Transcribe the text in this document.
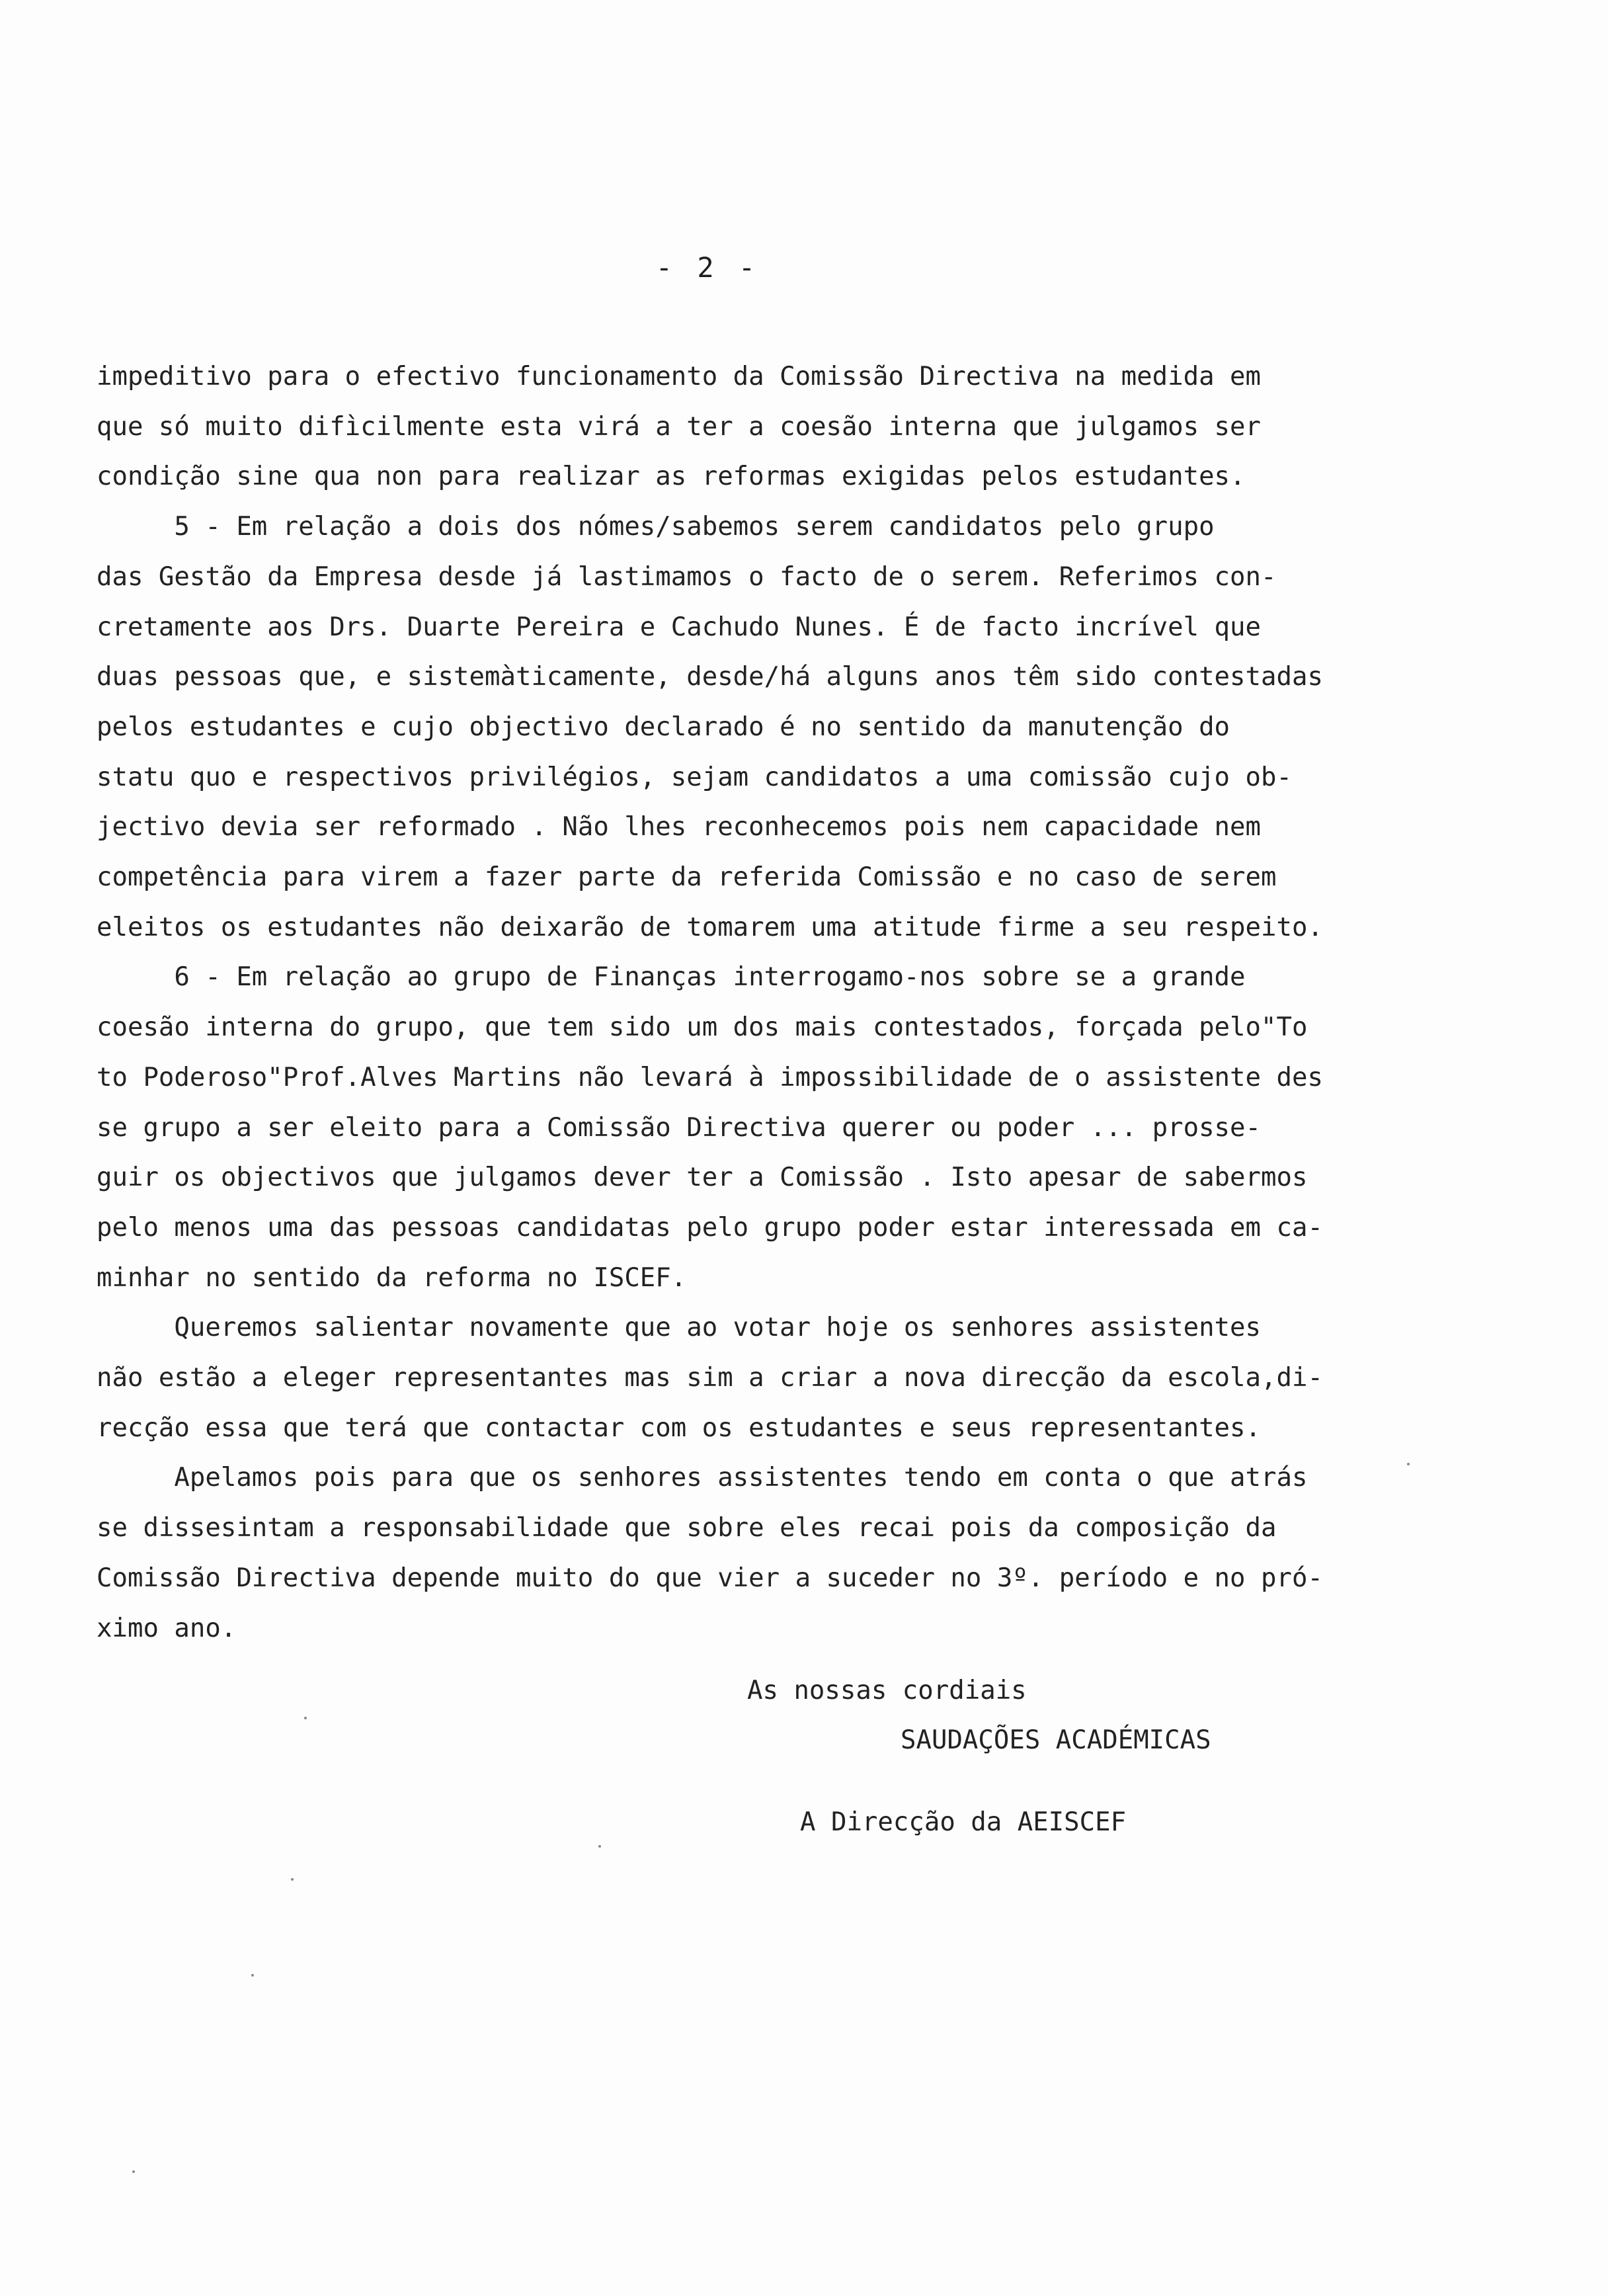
- 2 -
impeditivo para o efectivo funcionamento da Comissão Directiva na medida em
que só muito difìcilmente esta virá a ter a coesão interna que julgamos ser
condição sine qua non para realizar as reformas exigidas pelos estudantes.
5 - Em relação a dois dos nómes/sabemos serem candidatos pelo grupo
das Gestão da Empresa desde já lastimamos o facto de o serem. Referimos con-
cretamente aos Drs. Duarte Pereira e Cachudo Nunes. É de facto incrível que
duas pessoas que, e sistemàticamente, desde/há alguns anos têm sido contestadas
pelos estudantes e cujo objectivo declarado é no sentido da manutenção do
statu quo e respectivos privilégios, sejam candidatos a uma comissão cujo ob-
jectivo devia ser reformado . Não lhes reconhecemos pois nem capacidade nem
competência para virem a fazer parte da referida Comissão e no caso de serem
eleitos os estudantes não deixarão de tomarem uma atitude firme a seu respeito.
6 - Em relação ao grupo de Finanças interrogamo-nos sobre se a grande
coesão interna do grupo, que tem sido um dos mais contestados, forçada pelo"To
to Poderoso"Prof.Alves Martins não levará à impossibilidade de o assistente des
se grupo a ser eleito para a Comissão Directiva querer ou poder ... prosse-
guir os objectivos que julgamos dever ter a Comissão . Isto apesar de sabermos
pelo menos uma das pessoas candidatas pelo grupo poder estar interessada em ca-
minhar no sentido da reforma no ISCEF.
Queremos salientar novamente que ao votar hoje os senhores assistentes
não estão a eleger representantes mas sim a criar a nova direcção da escola,di-
recção essa que terá que contactar com os estudantes e seus representantes.
Apelamos pois para que os senhores assistentes tendo em conta o que atrás
se dissesintam a responsabilidade que sobre eles recai pois da composição da
Comissão Directiva depende muito do que vier a suceder no 3º. período e no pró-
ximo ano.
As nossas cordiais
SAUDAÇÕES ACADÉMICAS
A Direcção da AEISCEF
